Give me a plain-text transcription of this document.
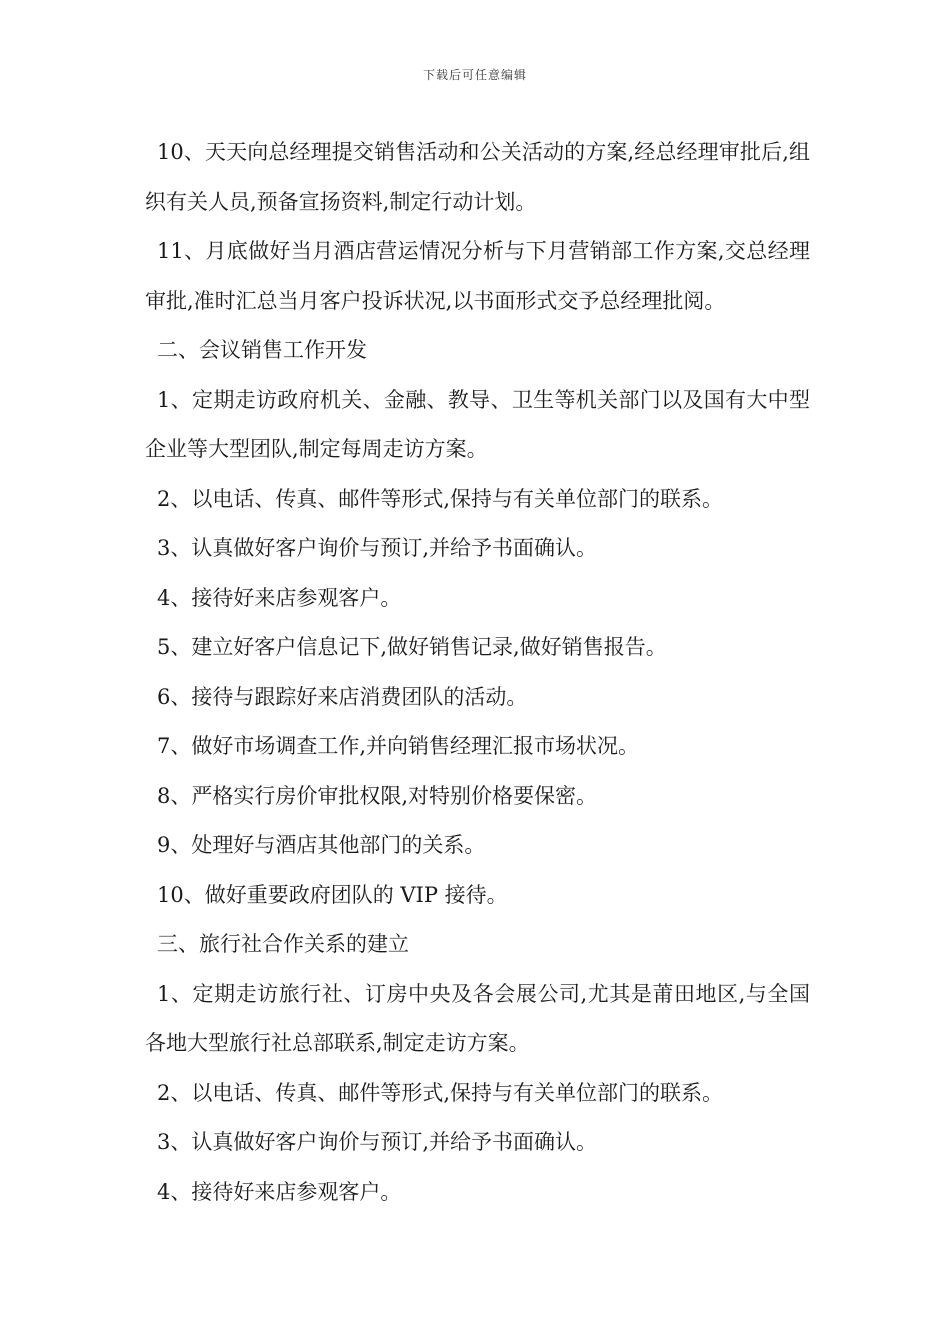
下载后可任意编辑

10、天天向总经理提交销售活动和公关活动的方案,经总经理审批后,组织有关人员,预备宣扬资料,制定行动计划。

11、月底做好当月酒店营运情况分析与下月营销部工作方案,交总经理审批,准时汇总当月客户投诉状况,以书面形式交予总经理批阅。

二、会议销售工作开发

1、定期走访政府机关、金融、教导、卫生等机关部门以及国有大中型企业等大型团队,制定每周走访方案。

2、以电话、传真、邮件等形式,保持与有关单位部门的联系。

3、认真做好客户询价与预订,并给予书面确认。

4、接待好来店参观客户。

5、建立好客户信息记下,做好销售记录,做好销售报告。

6、接待与跟踪好来店消费团队的活动。

7、做好市场调查工作,并向销售经理汇报市场状况。

8、严格实行房价审批权限,对特别价格要保密。

9、处理好与酒店其他部门的关系。

10、做好重要政府团队的 VIP 接待。

三、旅行社合作关系的建立

1、定期走访旅行社、订房中央及各会展公司,尤其是莆田地区,与全国各地大型旅行社总部联系,制定走访方案。

2、以电话、传真、邮件等形式,保持与有关单位部门的联系。

3、认真做好客户询价与预订,并给予书面确认。

4、接待好来店参观客户。
